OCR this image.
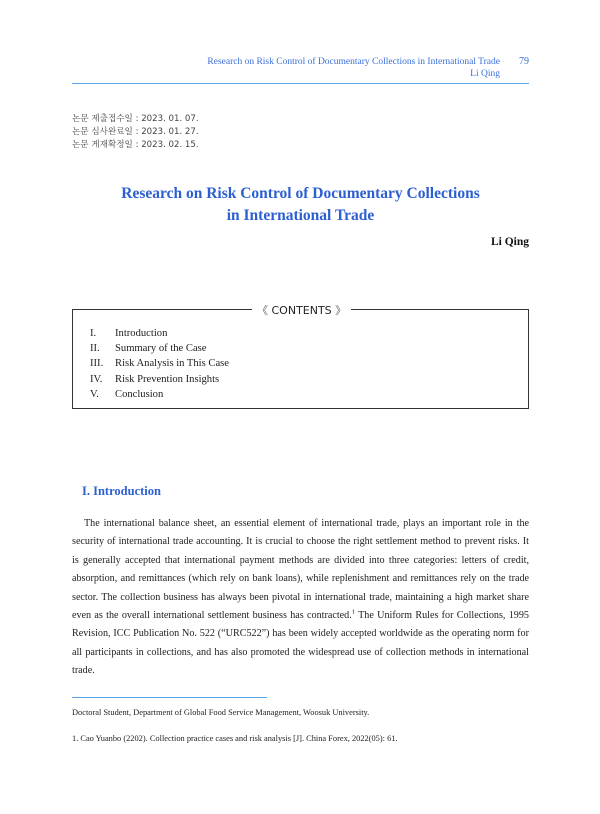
Research on Risk Control of Documentary Collections in International Trade
Li Qing
79
논문 제출접수일 : 2023. 01. 07.
논문 심사완료일 : 2023. 01. 27.
논문 게재확정일 : 2023. 02. 15.
Research on Risk Control of Documentary Collections
in International Trade
Li Qing
《 CONTENTS 》
I.	Introduction
II.	Summary of the Case
III.	Risk Analysis in This Case
IV.	Risk Prevention Insights
V.	Conclusion
I. Introduction

The international balance sheet, an essential element of international trade, plays an important role in the security of international trade accounting. It is crucial to choose the right settlement method to prevent risks. It is generally accepted that international payment methods are divided into three categories: letters of credit, absorption, and remittances (which rely on bank loans), while replenishment and remittances rely on the trade sector. The collection business has always been pivotal in international trade, maintaining a high market share even as the overall international settlement business has contracted.$^1$ The Uniform Rules for Collections, 1995 Revision, ICC Publication No. 522 (“URC522”) has been widely accepted worldwide as the operating norm for all participants in collections, and has also promoted the widespread use of collection methods in international trade.

Doctoral Student, Department of Global Food Service Management, Woosuk University.
1. Cao Yuanbo (2202). Collection practice cases and risk analysis [J]. China Forex, 2022(05): 61.
